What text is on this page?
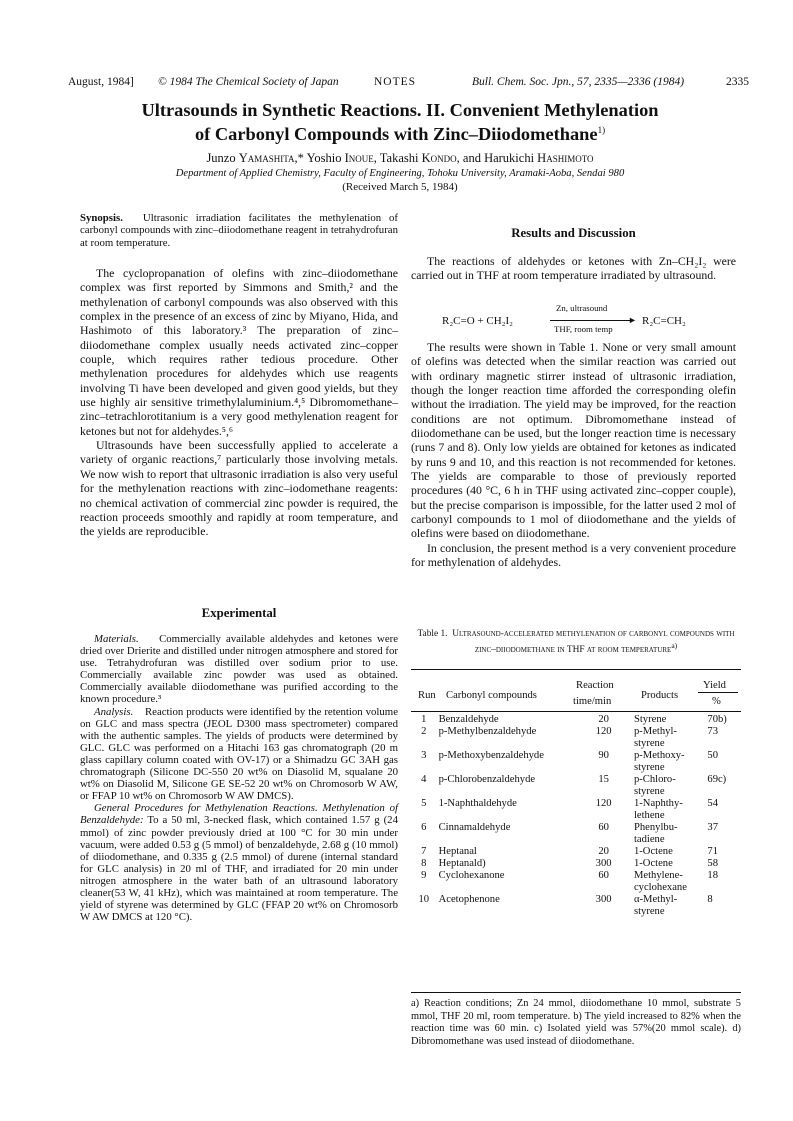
August, 1984] © 1984 The Chemical Society of Japan	NOTES	Bull. Chem. Soc. Jpn., 57, 2335—2336 (1984)	2335
Ultrasounds in Synthetic Reactions. II. Convenient Methylenation
of Carbonyl Compounds with Zinc–Diiodomethane$^{1)}$
Junzo Yamashita,* Yoshio Inoue, Takashi Kondo, and Harukichi Hashimoto
Department of Applied Chemistry, Faculty of Engineering, Tohoku University, Aramaki-Aoba, Sendai 980
(Received March 5, 1984)
Synopsis. Ultrasonic irradiation facilitates the methylenation of carbonyl compounds with zinc–diiodomethane reagent in tetrahydrofuran at room temperature.

The cyclopropanation of olefins with zinc–diiodomethane complex was first reported by Simmons and Smith,² and the methylenation of carbonyl compounds was also observed with this complex in the presence of an excess of zinc by Miyano, Hida, and Hashimoto of this laboratory.³ The preparation of zinc–diiodomethane complex usually needs activated zinc–copper couple, which requires rather tedious procedure. Other methylenation procedures for aldehydes which use reagents involving Ti have been developed and given good yields, but they use highly air sensitive trimethylaluminium.⁴,⁵ Dibromomethane–zinc–tetrachlorotitanium is a very good methylenation reagent for ketones but not for aldehydes.⁵,⁶

Ultrasounds have been successfully applied to accelerate a variety of organic reactions,⁷ particularly those involving metals. We now wish to report that ultrasonic irradiation is also very useful for the methylenation reactions with zinc–iodomethane reagents: no chemical activation of commercial zinc powder is required, the reaction proceeds smoothly and rapidly at room temperature, and the yields are reproducible.

Experimental

Materials. Commercially available aldehydes and ketones were dried over Drierite and distilled under nitrogen atmosphere and stored for use. Tetrahydrofuran was distilled over sodium prior to use. Commercially available zinc powder was used as obtained. Commercially available diiodomethane was purified according to the known procedure.³

Analysis. Reaction products were identified by the retention volume on GLC and mass spectra (JEOL D300 mass spectrometer) compared with the authentic samples. The yields of products were determined by GLC. GLC was performed on a Hitachi 163 gas chromatograph (20 m glass capillary column coated with OV-17) or a Shimadzu GC 3AH gas chromatograph (Silicone DC-550 20 wt% on Diasolid M, squalane 20 wt% on Diasolid M, Silicone GE SE-52 20 wt% on Chromosorb W AW, or FFAP 10 wt% on Chromosorb W AW DMCS).

General Procedures for Methylenation Reactions. Methylenation of Benzaldehyde: To a 50 ml, 3-necked flask, which contained 1.57 g (24 mmol) of zinc powder previously dried at 100 °C for 30 min under vacuum, were added 0.53 g (5 mmol) of benzaldehyde, 2.68 g (10 mmol) of diiodomethane, and 0.335 g (2.5 mmol) of durene (internal standard for GLC analysis) in 20 ml of THF, and irradiated for 20 min under nitrogen atmosphere in the water bath of an ultrasound laboratory cleaner(53 W, 41 kHz), which was maintained at room temperature. The yield of styrene was determined by GLC (FFAP 20 wt% on Chromosorb W AW DMCS at 120 °C).

Results and Discussion

The reactions of aldehydes or ketones with Zn–CH₂I₂ were carried out in THF at room temperature irradiated by ultrasound.

R₂C=O + CH₂I₂
Zn, ultrasound
►
THF, room temp
R₂C=CH₂

The results were shown in Table 1. None or very small amount of olefins was detected when the similar reaction was carried out with ordinary magnetic stirrer instead of ultrasonic irradiation, though the longer reaction time afforded the corresponding olefin without the irradiation. The yield may be improved, for the reaction conditions are not optimum. Dibromomethane instead of diiodomethane can be used, but the longer reaction time is necessary (runs 7 and 8). Only low yields are obtained for ketones as indicated by runs 9 and 10, and this reaction is not recommended for ketones. The yields are comparable to those of previously reported procedures (40 °C, 6 h in THF using activated zinc–copper couple), but the precise comparison is impossible, for the latter used 2 mol of carbonyl compounds to 1 mol of diiodomethane and the yields of olefins were based on diiodomethane.

In conclusion, the present method is a very convenient procedure for methylenation of aldehydes.

Table 1. Ultrasound-accelerated methylenation of carbonyl compounds with zinc–diiodomethane in THF at room temperature$^{a)}$
Run Carbonyl compounds
Reaction
time/min
Products
Yield
%
1	Benzaldehyde	20	Styrene	70b)
2	p-Methylbenzaldehyde	120	p-Methyl-styrene	73
3	p-Methoxybenzaldehyde	90	p-Methoxy-styrene	50
4	p-Chlorobenzaldehyde	15	p-Chloro-styrene	69c)
5	1-Naphthaldehyde	120	1-Naphthy-lethene	54
6	Cinnamaldehyde	60	Phenylbu-tadiene	37
7	Heptanal	20	1-Octene	71
8	Heptanald)	300	1-Octene	58
9	Cyclohexanone	60	Methylene-cyclohexane	18
10	Acetophenone	300	α-Methyl-styrene	8
a) Reaction conditions; Zn 24 mmol, diiodomethane 10 mmol, substrate 5 mmol, THF 20 ml, room temperature. b) The yield increased to 82% when the reaction time was 60 min. c) Isolated yield was 57%(20 mmol scale). d) Dibromomethane was used instead of diiodomethane.
